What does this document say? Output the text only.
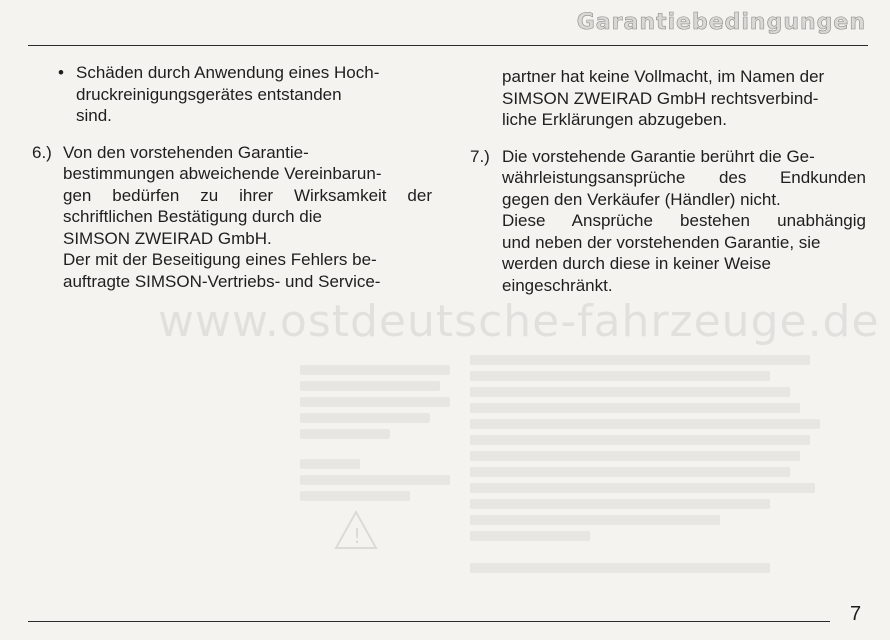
!
Garantiebedingungen
www.ostdeutsche-fahrzeuge.de
• Schäden durch Anwendung eines Hoch-
druckreinigungsgerätes entstanden
sind.
6.) Von den vorstehenden Garantie-
bestimmungen abweichende Vereinbarun-
gen bedürfen zu ihrer Wirksamkeit der
schriftlichen Bestätigung durch die
SIMSON ZWEIRAD GmbH.
Der mit der Beseitigung eines Fehlers be-
auftragte SIMSON-Vertriebs- und Service-
partner hat keine Vollmacht, im Namen der
SIMSON ZWEIRAD GmbH rechtsverbind-
liche Erklärungen abzugeben.
7.) Die vorstehende Garantie berührt die Ge-
währleistungsansprüche des Endkunden
gegen den Verkäufer (Händler) nicht.
Diese Ansprüche bestehen unabhängig
und neben der vorstehenden Garantie, sie
werden durch diese in keiner Weise
eingeschränkt.
7
